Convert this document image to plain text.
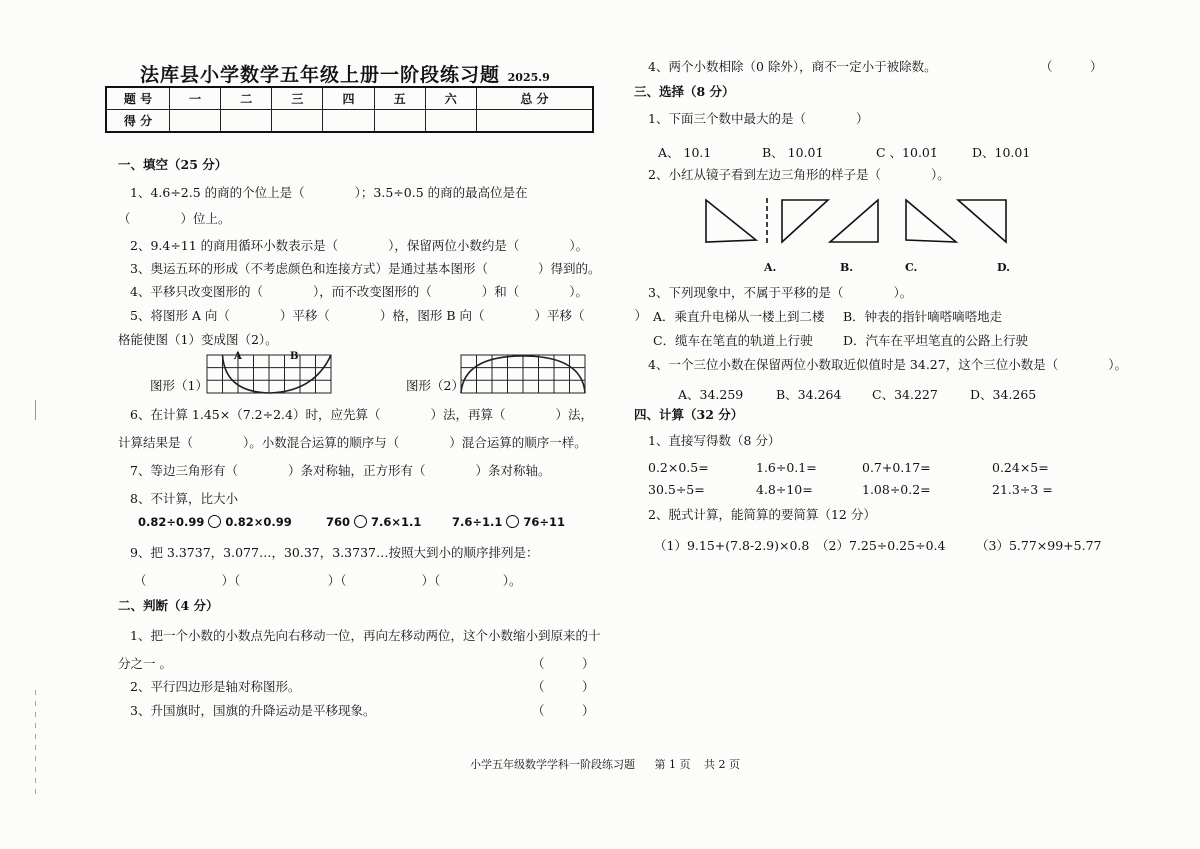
法库县小学数学五年级上册一阶段练习题 2025.9
题 号	一	二	三	四	五	六	总 分
得 分							
一、填空（25 分）
1、4.6÷2.5 的商的个位上是（　　　　）；3.5÷0.5 的商的最高位是在
（　　　　）位上。
2、9.4÷11 的商用循环小数表示是（　　　　），保留两位小数约是（　　　　）。
3、奥运五环的形成（不考虑颜色和连接方式）是通过基本图形（　　　　）得到的。
4、平移只改变图形的（　　　　），而不改变图形的（　　　　）和（　　　　）。
5、将图形 A 向（　　　　）平移（　　　　）格，图形 B 向（　　　　）平移（　　　　）
格能使图（1）变成图（2）。
图形（1）
A	B
图形（2）
6、在计算 1.45×（7.2÷2.4）时，应先算（　　　　）法，再算（　　　　）法，
计算结果是（　　　　）。小数混合运算的顺序与（　　　　）混合运算的顺序一样。
7、等边三角形有（　　　　）条对称轴，正方形有（　　　　）条对称轴。
8、不计算，比大小
0.82÷0.99 0.82×0.99	760 7.6×1.1	7.6÷1.1 76÷11
9、把 3.3737，3.077…，30.37，3.3737…按照大到小的顺序排列是：
（　　　　　　）（　　　　　　　）（　　　　　　）（　　　　　）。
二、判断（4 分）
1、把一个小数的小数点先向右移动一位，再向左移动两位，这个小数缩小到原来的十
分之一 。	（　　　）
2、平行四边形是轴对称图形。	（　　　）
3、升国旗时，国旗的升降运动是平移现象。	（　　　）
4、两个小数相除（0 除外），商不一定小于被除数。	（　　　）
三、选择（8 分）
1、下面三个数中最大的是（　　　　）
A、 10.1	B、 10.0̇1̇	C 、10.01̇	D、10.01
2、小红从镜子看到左边三角形的样子是（　　　　）。
A.	B.	C.	D.
3、下列现象中，不属于平移的是（　　　　）。
A．乘直升电梯从一楼上到二楼 B．钟表的指针嘀嗒嘀嗒地走
C．缆车在笔直的轨道上行驶 D．汽车在平坦笔直的公路上行驶
4、一个三位小数在保留两位小数取近似值时是 34.27，这个三位小数是（　　　　）。
A、34.259	B、34.264 C、34.227	D、34.265
四、计算（32 分）
1、直接写得数（8 分）
0.2×0.5=	1.6÷0.1=	0.7+0.17=	0.24×5=
30.5÷5=	4.8÷10=	1.08÷0.2=	21.3÷3 =
2、脱式计算，能简算的要简算（12 分）
（1）9.15+(7.8-2.9)×0.8 （2）7.25÷0.25÷0.4 （3）5.77×99+5.77
小学五年级数学学科一阶段练习题 第 1 页 共 2 页
